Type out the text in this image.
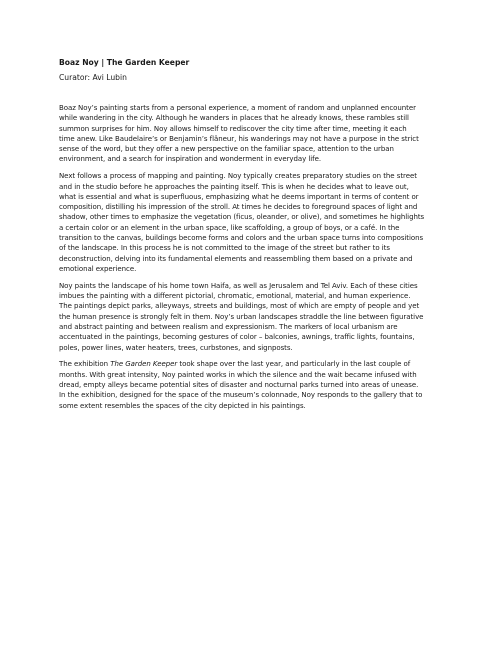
Boaz Noy | The Garden Keeper

Curator: Avi Lubin

Boaz Noy’s painting starts from a personal experience, a moment of random and unplanned encounter
while wandering in the city. Although he wanders in places that he already knows, these rambles still
summon surprises for him. Noy allows himself to rediscover the city time after time, meeting it each
time anew. Like Baudelaire’s or Benjamin’s flâneur, his wanderings may not have a purpose in the strict
sense of the word, but they offer a new perspective on the familiar space, attention to the urban
environment, and a search for inspiration and wonderment in everyday life.

Next follows a process of mapping and painting. Noy typically creates preparatory studies on the street
and in the studio before he approaches the painting itself. This is when he decides what to leave out,
what is essential and what is superfluous, emphasizing what he deems important in terms of content or
composition, distilling his impression of the stroll. At times he decides to foreground spaces of light and
shadow, other times to emphasize the vegetation (ficus, oleander, or olive), and sometimes he highlights
a certain color or an element in the urban space, like scaffolding, a group of boys, or a café. In the
transition to the canvas, buildings become forms and colors and the urban space turns into compositions
of the landscape. In this process he is not committed to the image of the street but rather to its
deconstruction, delving into its fundamental elements and reassembling them based on a private and
emotional experience.

Noy paints the landscape of his home town Haifa, as well as Jerusalem and Tel Aviv. Each of these cities
imbues the painting with a different pictorial, chromatic, emotional, material, and human experience.
The paintings depict parks, alleyways, streets and buildings, most of which are empty of people and yet
the human presence is strongly felt in them. Noy’s urban landscapes straddle the line between figurative
and abstract painting and between realism and expressionism. The markers of local urbanism are
accentuated in the paintings, becoming gestures of color – balconies, awnings, traffic lights, fountains,
poles, power lines, water heaters, trees, curbstones, and signposts.

The exhibition The Garden Keeper took shape over the last year, and particularly in the last couple of
months. With great intensity, Noy painted works in which the silence and the wait became infused with
dread, empty alleys became potential sites of disaster and nocturnal parks turned into areas of unease.
In the exhibition, designed for the space of the museum’s colonnade, Noy responds to the gallery that to
some extent resembles the spaces of the city depicted in his paintings.
